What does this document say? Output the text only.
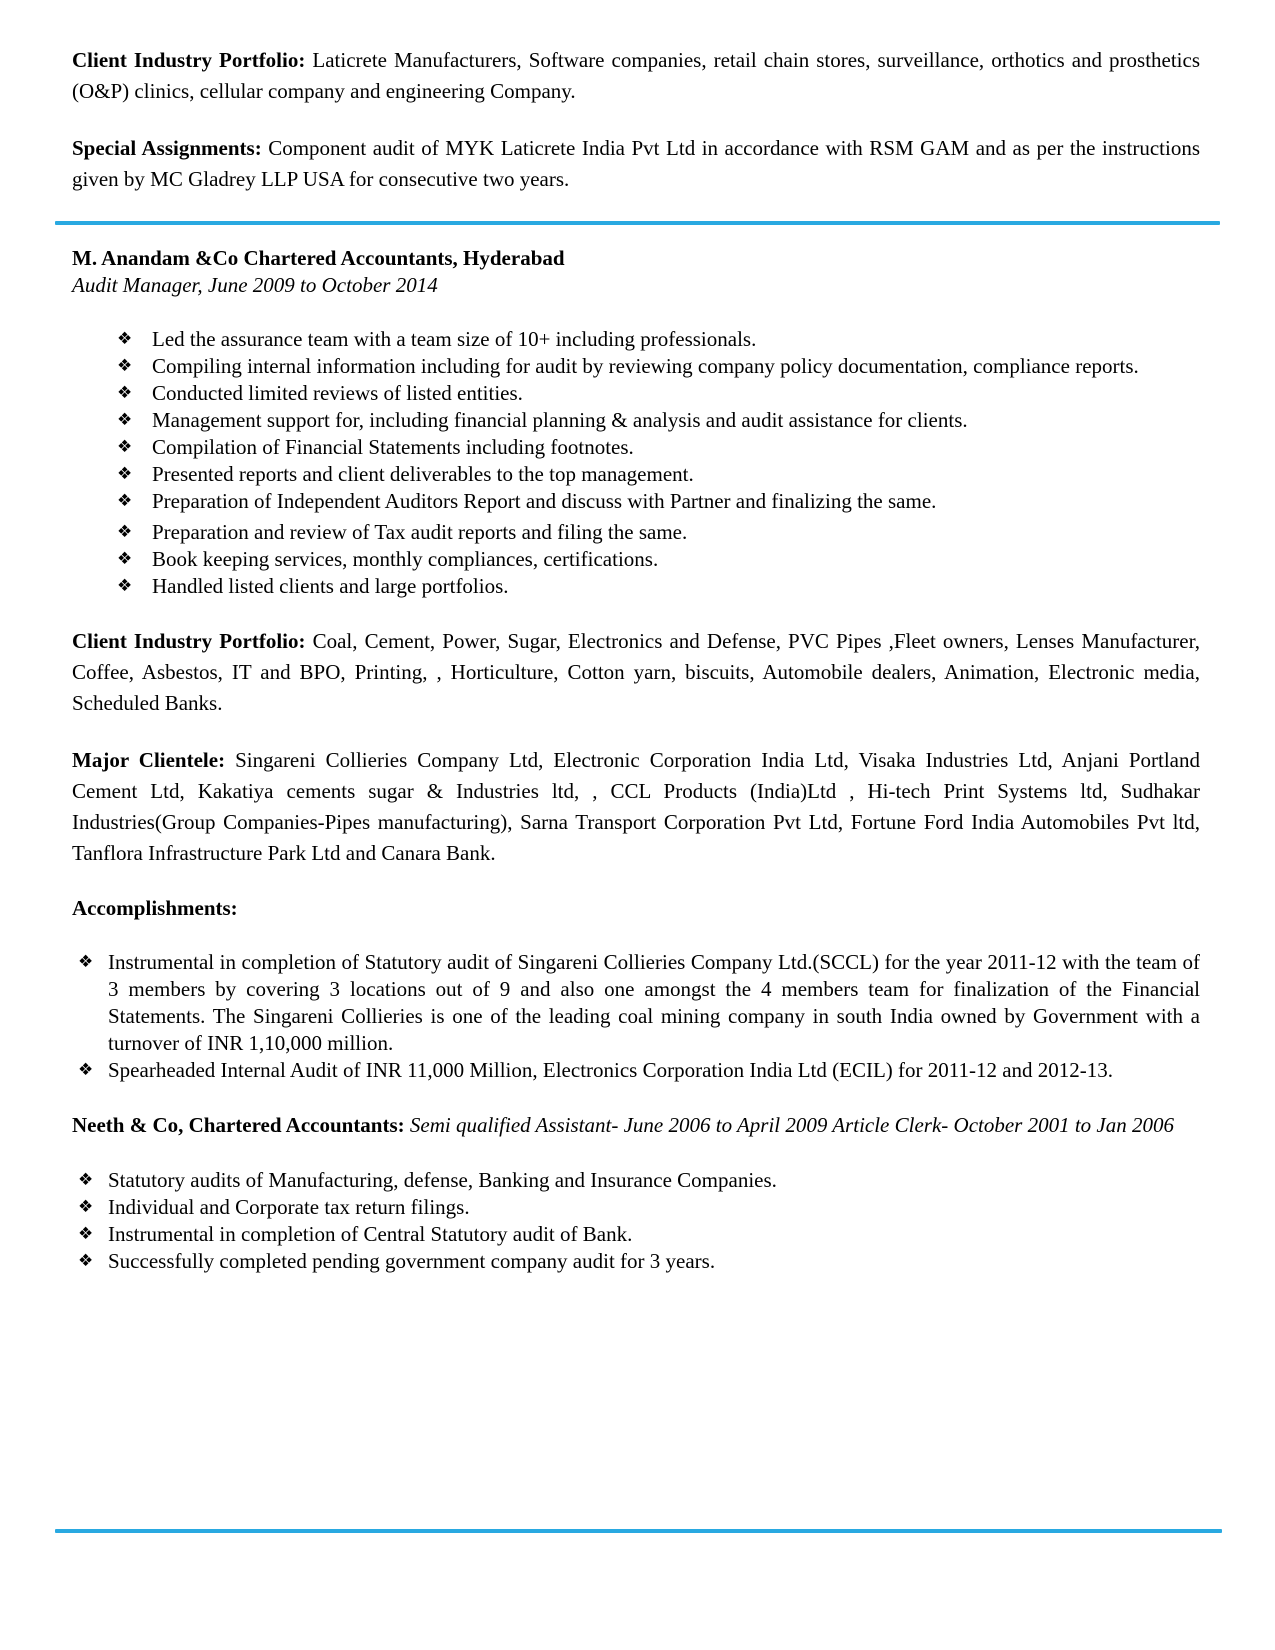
Client Industry Portfolio: Laticrete Manufacturers, Software companies, retail chain stores, surveillance, orthotics and prosthetics (O&P) clinics, cellular company and engineering Company.

Special Assignments: Component audit of MYK Laticrete India Pvt Ltd in accordance with RSM GAM and as per the instructions given by MC Gladrey LLP USA for consecutive two years.

M. Anandam &Co Chartered Accountants, Hyderabad

Audit Manager, June 2009 to October 2014

❖ Led the assurance team with a team size of 10+ including professionals.
❖ Compiling internal information including for audit by reviewing company policy documentation, compliance reports.
❖ Conducted limited reviews of listed entities.
❖ Management support for, including financial planning & analysis and audit assistance for clients.
❖ Compilation of Financial Statements including footnotes.
❖ Presented reports and client deliverables to the top management.
❖ Preparation of Independent Auditors Report and discuss with Partner and finalizing the same.
❖ Preparation and review of Tax audit reports and filing the same.
❖ Book keeping services, monthly compliances, certifications.
❖ Handled listed clients and large portfolios.

Client Industry Portfolio: Coal, Cement, Power, Sugar, Electronics and Defense, PVC Pipes ,Fleet owners, Lenses Manufacturer, Coffee, Asbestos, IT and BPO, Printing, , Horticulture, Cotton yarn, biscuits, Automobile dealers, Animation, Electronic media, Scheduled Banks.

Major Clientele: Singareni Collieries Company Ltd, Electronic Corporation India Ltd, Visaka Industries Ltd, Anjani Portland Cement Ltd, Kakatiya cements sugar & Industries ltd, , CCL Products (India)Ltd , Hi-tech Print Systems ltd, Sudhakar Industries(Group Companies-Pipes manufacturing), Sarna Transport Corporation Pvt Ltd, Fortune Ford India Automobiles Pvt ltd, Tanflora Infrastructure Park Ltd and Canara Bank.

Accomplishments:

❖ Instrumental in completion of Statutory audit of Singareni Collieries Company Ltd.(SCCL) for the year 2011-12 with the team of 3 members by covering 3 locations out of 9 and also one amongst the 4 members team for finalization of the Financial Statements. The Singareni Collieries is one of the leading coal mining company in south India owned by Government with a turnover of INR 1,10,000 million.
❖ Spearheaded Internal Audit of INR 11,000 Million, Electronics Corporation India Ltd (ECIL) for 2011-12 and 2012-13.

Neeth & Co, Chartered Accountants: Semi qualified Assistant- June 2006 to April 2009 Article Clerk- October 2001 to Jan 2006

❖ Statutory audits of Manufacturing, defense, Banking and Insurance Companies.
❖ Individual and Corporate tax return filings.
❖ Instrumental in completion of Central Statutory audit of Bank.
❖ Successfully completed pending government company audit for 3 years.
